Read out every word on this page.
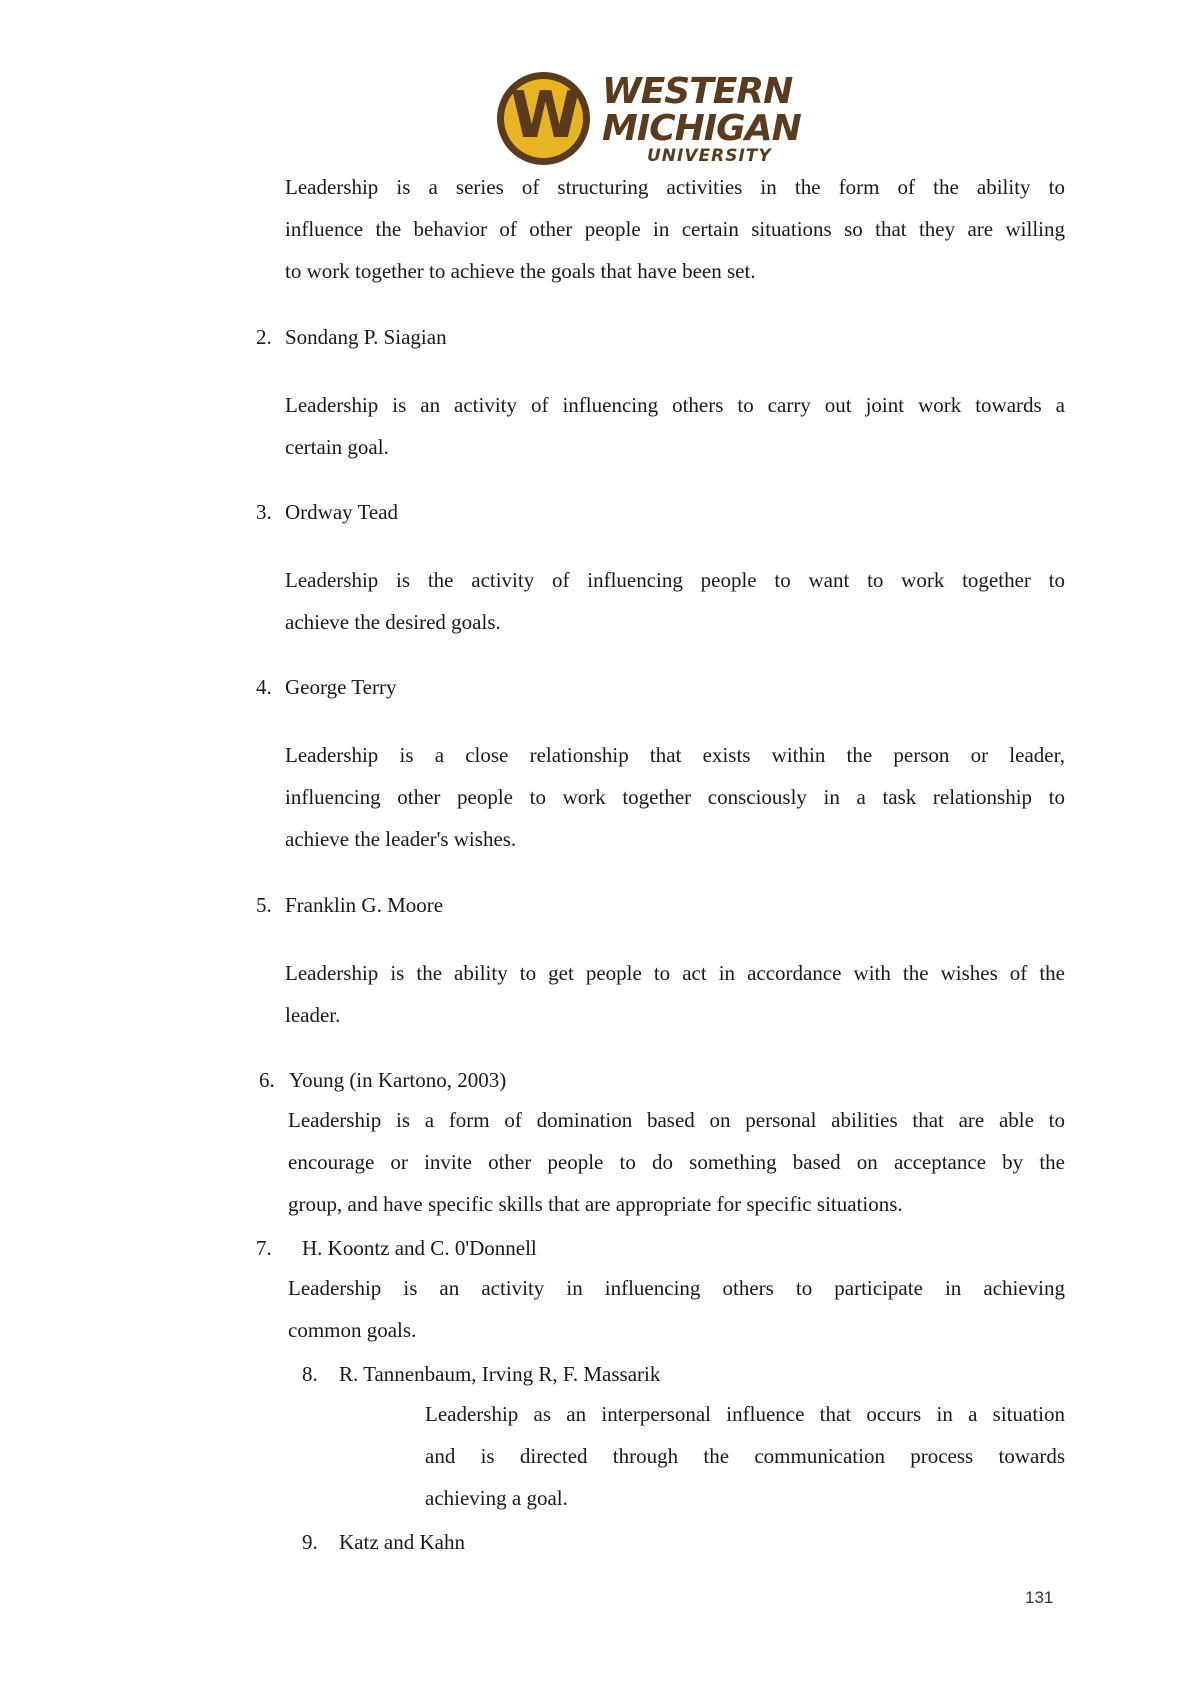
W WESTERN
MICHIGAN
UNIVERSITY
Leadership is a series of structuring activities in the form of the ability to
influence the behavior of other people in certain situations so that they are willing
to work together to achieve the goals that have been set.
2. Sondang P. Siagian
Leadership is an activity of influencing others to carry out joint work towards a
certain goal.
3. Ordway Tead
Leadership is the activity of influencing people to want to work together to
achieve the desired goals.
4. George Terry
Leadership is a close relationship that exists within the person or leader,
influencing other people to work together consciously in a task relationship to
achieve the leader's wishes.
5. Franklin G. Moore
Leadership is the ability to get people to act in accordance with the wishes of the
leader.
6. Young (in Kartono, 2003)
Leadership is a form of domination based on personal abilities that are able to
encourage or invite other people to do something based on acceptance by the
group, and have specific skills that are appropriate for specific situations.
7. H. Koontz and C. 0'Donnell
Leadership is an activity in influencing others to participate in achieving
common goals.
8. R. Tannenbaum, Irving R, F. Massarik
Leadership as an interpersonal influence that occurs in a situation
and is directed through the communication process towards
achieving a goal.
9. Katz and Kahn
131
